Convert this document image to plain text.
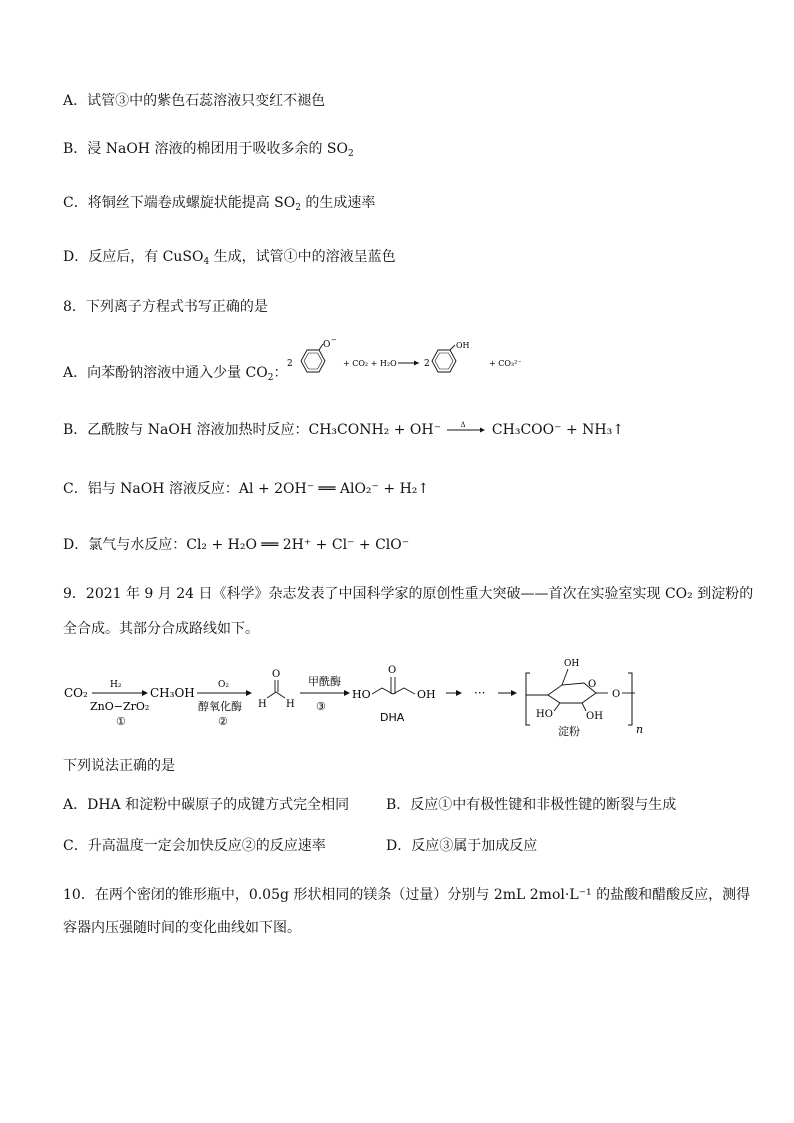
A．试管③中的紫色石蕊溶液只变红不褪色
B．浸 NaOH 溶液的棉团用于吸收多余的 $SO_2$
C．将铜丝下端卷成螺旋状能提高 $SO_2$ 的生成速率
D．反应后，有 CuSO$_4$ 生成，试管①中的溶液呈蓝色
8．下列离子方程式书写正确的是
A．向苯酚钠溶液中通入少量 $CO_2$：
2
O −
+ CO₂ + H₂O	2
OH
+ CO₃²⁻
B．乙酰胺与 NaOH 溶液加热时反应：CH₃CONH₂ + OH⁻	Δ CH₃COO⁻ + NH₃↑
C．铝与 NaOH 溶液反应：Al + 2OH⁻ ══ AlO₂⁻ + H₂↑
D．氯气与水反应：Cl₂ + H₂O ══ 2H⁺ + Cl⁻ + ClO⁻
9．2021 年 9 月 24 日《科学》杂志发表了中国科学家的原创性重大突破——首次在实验室实现 CO₂ 到淀粉的
全合成。其部分合成路线如下。
CO₂
H₂
ZnO−ZrO₂
①
CH₃OH
O₂
醇氧化酶
②
O
H H
甲酰酶
③
HO
O
OH
DHA
···
OH
O
HO	OH
O
淀粉	n
下列说法正确的是
A．DHA 和淀粉中碳原子的成键方式完全相同	B．反应①中有极性键和非极性键的断裂与生成
C．升高温度一定会加快反应②的反应速率	D．反应③属于加成反应
10．在两个密闭的锥形瓶中，0.05g 形状相同的镁条（过量）分别与 2mL 2mol·L⁻¹ 的盐酸和醋酸反应，测得
容器内压强随时间的变化曲线如下图。
